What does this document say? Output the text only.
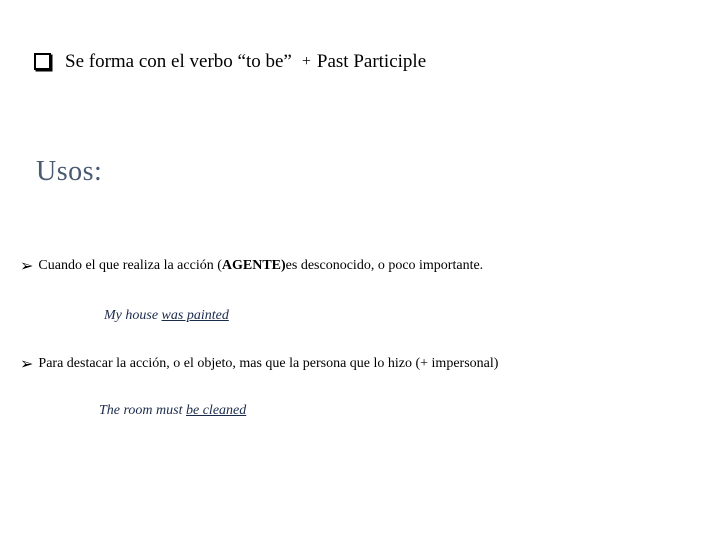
Se forma con el verbo “to be” + Past Participle
Usos:
➢ Cuando el que realiza la acción ( AGENTE) es desconocido, o poco importante.
My house was painted
➢ Para destacar la acción, o el objeto, mas que la persona que lo hizo (+ impersonal)
The room must be cleaned
